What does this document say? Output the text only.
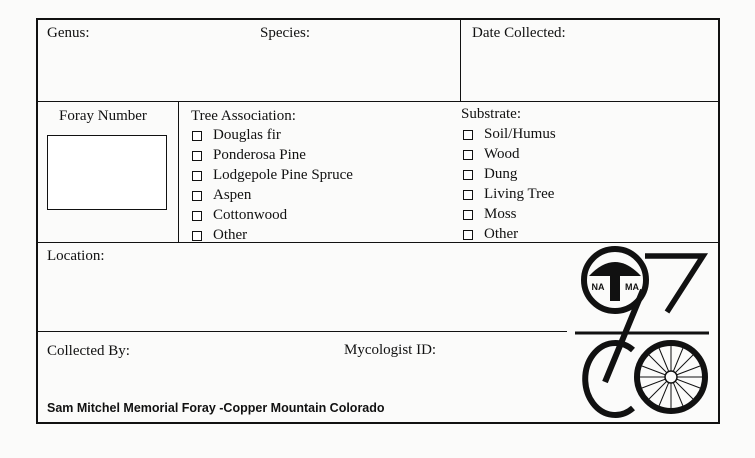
Genus:	Species:	Date Collected:
Foray Number	Tree Association:
Douglas fir
Ponderosa Pine
Lodgepole Pine Spruce
Aspen
Cottonwood
Other
Substrate:
Soil/Humus
Wood
Dung
Living Tree
Moss
Other
Location:
Collected By:	Mycologist ID:
Sam Mitchel Memorial Foray -Copper Mountain Colorado
NA MA
